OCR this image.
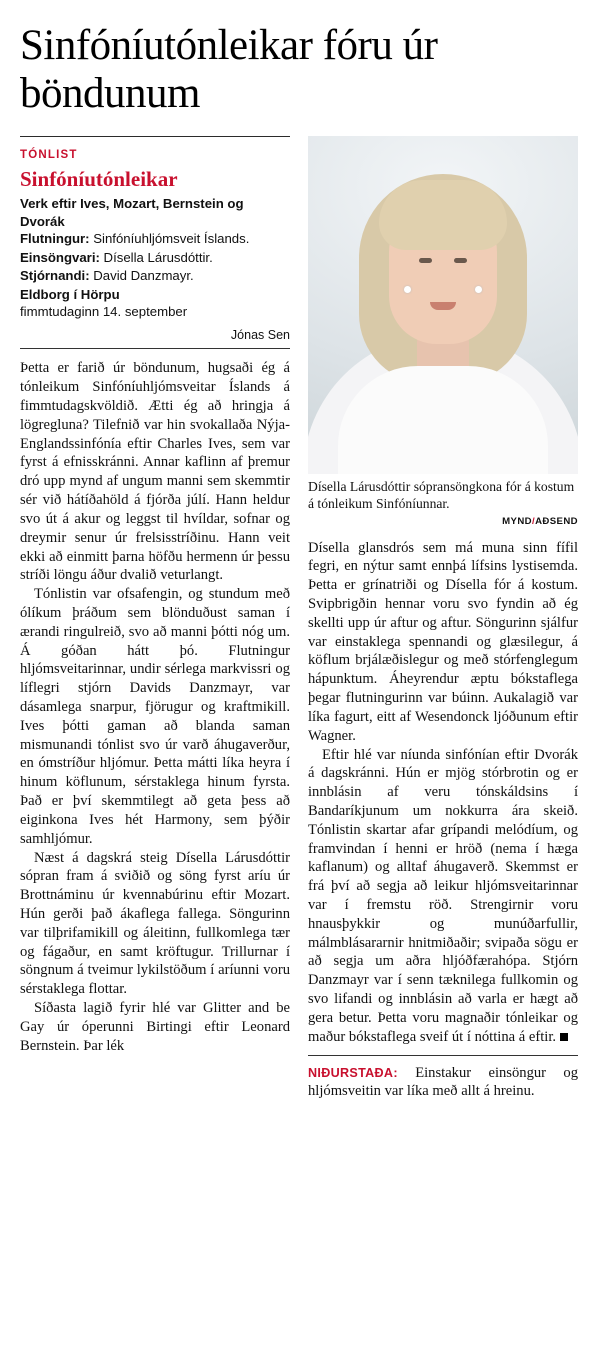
Sinfóníutónleikar fóru úr böndunum
TÓNLIST
Sinfóníutónleikar
Verk eftir Ives, Mozart, Bernstein og Dvorák
Flutningur: Sinfóníuhljómsveit Íslands.
Einsöngvari: Dísella Lárusdóttir.
Stjórnandi: David Danzmayr.
Eldborg í Hörpu
fimmtudaginn 14. september
Jónas Sen

Þetta er farið úr böndunum, hugsaði ég á tónleikum Sinfóníuhljómsveitar Íslands á fimmtudagskvöldið. Ætti ég að hringja á lögregluna? Tilefnið var hin svokallaða Nýja-Englandssinfónía eftir Charles Ives, sem var fyrst á efnisskránni. Annar kaflinn af þremur dró upp mynd af ungum manni sem skemmtir sér við hátíðahöld á fjórða júlí. Hann heldur svo út á akur og leggst til hvíldar, sofnar og dreymir senur úr frelsisstríðinu. Hann veit ekki að einmitt þarna höfðu hermenn úr þessu stríði löngu áður dvalið veturlangt.

Tónlistin var ofsafengin, og stundum með ólíkum þráðum sem blönduðust saman í ærandi ringulreið, svo að manni þótti nóg um. Á góðan hátt þó. Flutningur hljómsveitarinnar, undir sérlega markvissri og líflegri stjórn Davids Danzmayr, var dásamlega snarpur, fjörugur og kraftmikill. Ives þótti gaman að blanda saman mismunandi tónlist svo úr varð áhugaverður, en ómstríður hljómur. Þetta mátti líka heyra í hinum köflunum, sérstaklega hinum fyrsta. Það er því skemmtilegt að geta þess að eiginkona Ives hét Harmony, sem þýðir samhljómur.

Næst á dagskrá steig Dísella Lárusdóttir sópran fram á sviðið og söng fyrst aríu úr Brottnáminu úr kvennabúrinu eftir Mozart. Hún gerði það ákaflega fallega. Söngurinn var tilþrifamikill og áleitinn, fullkomlega tær og fágaður, en samt kröftugur. Trillurnar í söngnum á tveimur lykilstöðum í aríunni voru sérstaklega flottar.

Síðasta lagið fyrir hlé var Glitter and be Gay úr óperunni Birtingi eftir Leonard Bernstein. Þar lék

Dísella Lárusdóttir sópransöngkona fór á kostum á tónleikum Sinfóníunnar.

MYND/AÐSEND

Dísella glansdrós sem má muna sinn fífil fegri, en nýtur samt ennþá lífsins lystisemda. Þetta er grínatriði og Dísella fór á kostum. Svipbrigðin hennar voru svo fyndin að ég skellti upp úr aftur og aftur. Söngurinn sjálfur var einstaklega spennandi og glæsilegur, á köflum brjálæðislegur og með stórfenglegum hápunktum. Áheyrendur æptu bókstaflega þegar flutningurinn var búinn. Aukalagið var líka fagurt, eitt af Wesendonck ljóðunum eftir Wagner.

Eftir hlé var níunda sinfónían eftir Dvorák á dagskránni. Hún er mjög stórbrotin og er innblásin af veru tónskáldsins í Bandaríkjunum um nokkurra ára skeið. Tónlistin skartar afar grípandi melódíum, og framvindan í henni er hröð (nema í hæga kaflanum) og alltaf áhugaverð. Skemmst er frá því að segja að leikur hljómsveitarinnar var í fremstu röð. Strengirnir voru hnausþykkir og munúðarfullir, málmblásararnir hnitmiðaðir; svipaða sögu er að segja um aðra hljóðfærahópa. Stjórn Danzmayr var í senn tæknilega fullkomin og svo lifandi og innblásin að varla er hægt að gera betur. Þetta voru magnaðir tónleikar og maður bókstaflega sveif út í nóttina á eftir.

NIÐURSTAÐA: Einstakur einsöngur og hljómsveitin var líka með allt á hreinu.
